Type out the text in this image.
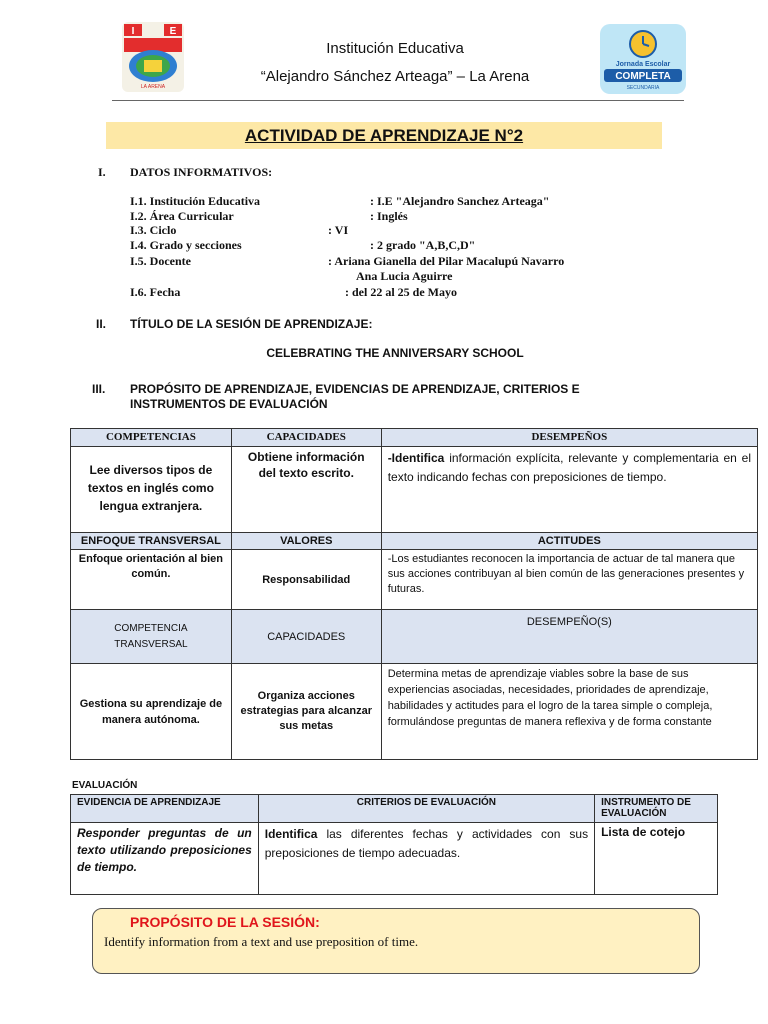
I	E
LA ARENA
Institución Educativa
“Alejandro Sánchez Arteaga” – La Arena
Jornada Escolar
COMPLETA
SECUNDARIA
ACTIVIDAD DE APRENDIZAJE N°2
I. DATOS INFORMATIVOS:
I.1. Institución Educativa	: I.E "Alejandro Sanchez Arteaga"
I.2. Área Curricular	: Inglés
I.3. Ciclo	: VI
I.4. Grado y secciones	: 2 grado "A,B,C,D"
I.5. Docente	: Ariana Gianella del Pilar Macalupú Navarro
Ana Lucia Aguirre
I.6. Fecha	: del 22 al 25 de Mayo
II. TÍTULO DE LA SESIÓN DE APRENDIZAJE:
CELEBRATING THE ANNIVERSARY SCHOOL
III. PROPÓSITO DE APRENDIZAJE, EVIDENCIAS DE APRENDIZAJE, CRITERIOS E
INSTRUMENTOS DE EVALUACIÓN
COMPETENCIAS	CAPACIDADES	DESEMPEÑOS
Lee diversos tipos de textos en inglés como lengua extranjera.	Obtiene información del texto escrito.	-Identifica información explícita, relevante y complementaria en el texto indicando fechas con preposiciones de tiempo.
ENFOQUE TRANSVERSAL	VALORES	ACTITUDES
Enfoque orientación al bien común.	Responsabilidad	-Los estudiantes reconocen la importancia de actuar de tal manera que sus acciones contribuyan al bien común de las generaciones presentes y futuras.
COMPETENCIA TRANSVERSAL	CAPACIDADES	DESEMPEÑO(S)
Gestiona su aprendizaje de manera autónoma.	Organiza acciones estrategias para alcanzar sus metas	Determina metas de aprendizaje viables sobre la base de sus experiencias asociadas, necesidades, prioridades de aprendizaje, habilidades y actitudes para el logro de la tarea simple o compleja, formulándose preguntas de manera reflexiva y de forma constante
EVALUACIÓN
EVIDENCIA DE APRENDIZAJE	CRITERIOS DE EVALUACIÓN	INSTRUMENTO DE EVALUACIÓN
Responder preguntas de un texto utilizando preposiciones de tiempo.	Identifica las diferentes fechas y actividades con sus preposiciones de tiempo adecuadas.	Lista de cotejo
PROPÓSITO DE LA SESIÓN:
Identify information from a text and use preposition of time.
